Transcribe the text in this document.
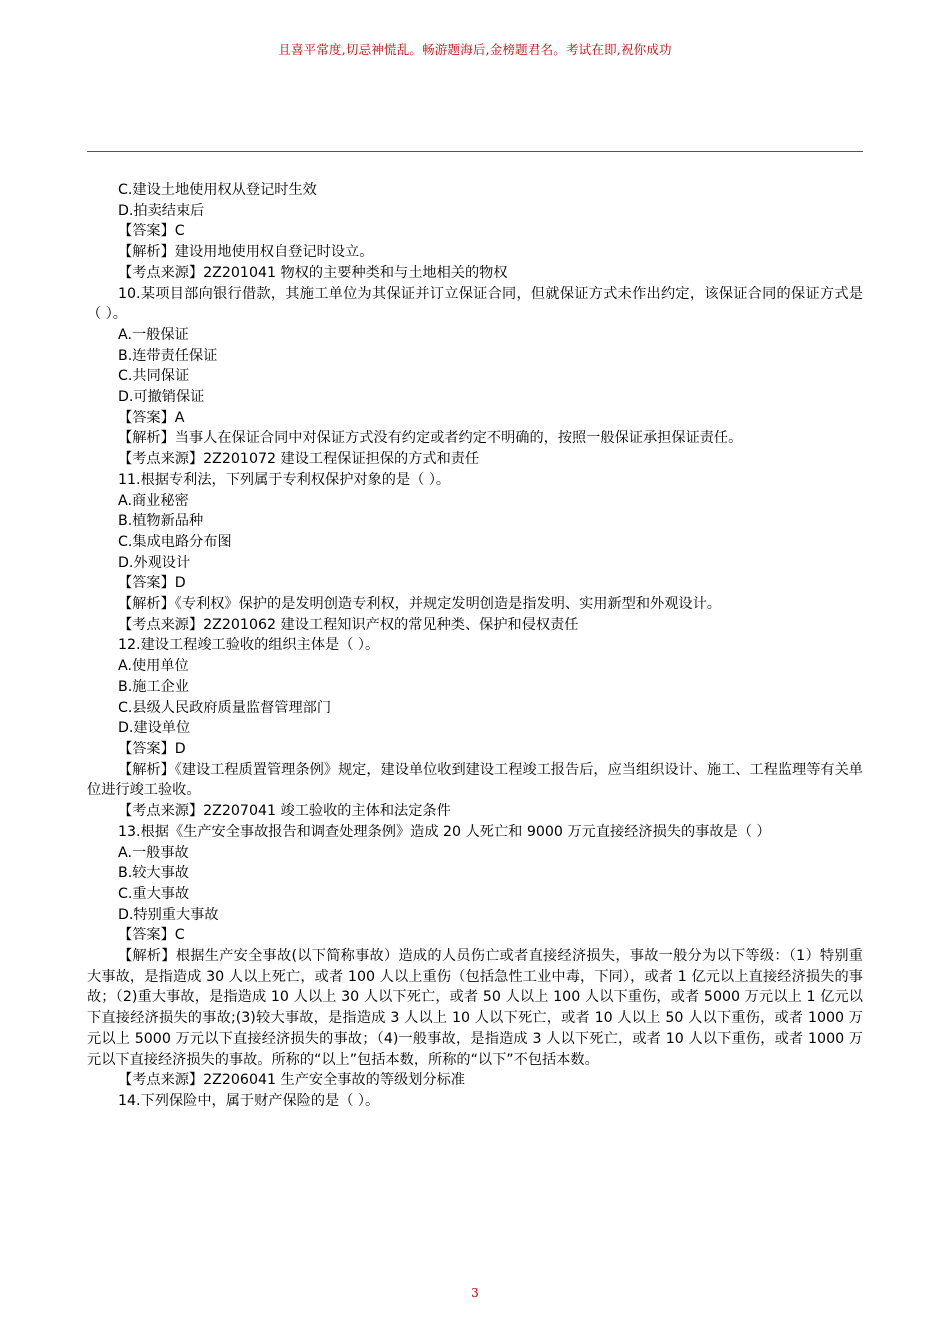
且喜平常度,切忌神慌乱。畅游题海后,金榜题君名。考试在即,祝你成功

C.建设土地使用权从登记时生效

D.拍卖结束后

【答案】C

【解析】建设用地使用权自登记时设立。

【考点来源】2Z201041 物权的主要种类和与土地相关的物权

10.某项目部向银行借款，其施工单位为其保证并订立保证合同，但就保证方式未作出约定，该保证合同的保证方式是（ ）。

A.一般保证

B.连带责任保证

C.共同保证

D.可撤销保证

【答案】A

【解析】当事人在保证合同中对保证方式没有约定或者约定不明确的，按照一般保证承担保证责任。

【考点来源】2Z201072 建设工程保证担保的方式和责任

11.根据专利法，下列属于专利权保护对象的是（ ）。

A.商业秘密

B.植物新品种

C.集成电路分布图

D.外观设计

【答案】D

【解析】《专利权》保护的是发明创造专利权，并规定发明创造是指发明、实用新型和外观设计。

【考点来源】2Z201062 建设工程知识产权的常见种类、保护和侵权责任

12.建设工程竣工验收的组织主体是（ ）。

A.使用单位

B.施工企业

C.县级人民政府质量监督管理部门

D.建设单位

【答案】D

【解析】《建设工程质置管理条例》规定，建设单位收到建设工程竣工报告后，应当组织设计、施工、工程监理等有关单位进行竣工验收。

【考点来源】2Z207041 竣工验收的主体和法定条件

13.根据《生产安全事故报告和调查处理条例》造成 20 人死亡和 9000 万元直接经济损失的事故是（ ）

A.一般事故

B.较大事故

C.重大事故

D.特别重大事故

【答案】C

【解析】根据生产安全事故(以下简称事故）造成的人员伤亡或者直接经济损失，事故一般分为以下等级：（1）特别重大事故，是指造成 30 人以上死亡，或者 100 人以上重伤（包括急性工业中毒，下同），或者 1 亿元以上直接经济损失的事故；（2)重大事故，是指造成 10 人以上 30 人以下死亡，或者 50 人以上 100 人以下重伤，或者 5000 万元以上 1 亿元以下直接经济损失的事故;(3)较大事故，是指造成 3 人以上 10 人以下死亡，或者 10 人以上 50 人以下重伤，或者 1000 万元以上 5000 万元以下直接经济损失的事故；（4)一般事故，是指造成 3 人以下死亡，或者 10 人以下重伤，或者 1000 万元以下直接经济损失的事故。所称的“以上”包括本数，所称的“以下”不包括本数。

【考点来源】2Z206041 生产安全事故的等级划分标准

14.下列保险中，属于财产保险的是（ ）。

3
